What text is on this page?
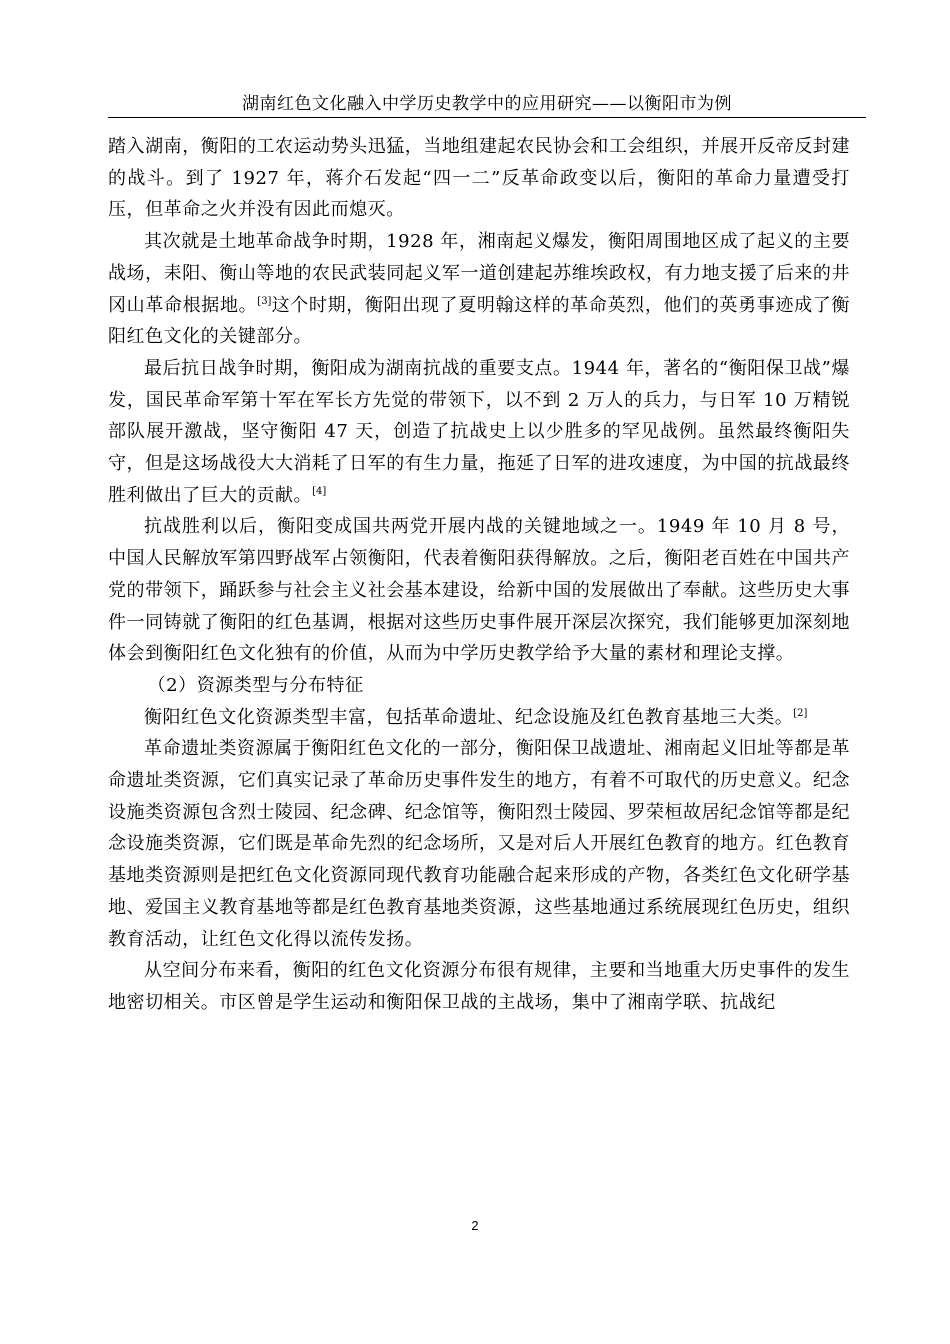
湖南红色文化融入中学历史教学中的应用研究——以衡阳市为例

踏入湖南，衡阳的工农运动势头迅猛，当地组建起农民协会和工会组织，并展开反帝反封建的战斗。到了 1927 年，蒋介石发起“四一二”反革命政变以后，衡阳的革命力量遭受打压，但革命之火并没有因此而熄灭。

其次就是土地革命战争时期，1928 年，湘南起义爆发，衡阳周围地区成了起义的主要战场，耒阳、衡山等地的农民武装同起义军一道创建起苏维埃政权，有力地支援了后来的井冈山革命根据地。[3]这个时期，衡阳出现了夏明翰这样的革命英烈，他们的英勇事迹成了衡阳红色文化的关键部分。

最后抗日战争时期，衡阳成为湖南抗战的重要支点。1944 年，著名的“衡阳保卫战”爆发，国民革命军第十军在军长方先觉的带领下，以不到 2 万人的兵力，与日军 10 万精锐部队展开激战，坚守衡阳 47 天，创造了抗战史上以少胜多的罕见战例。虽然最终衡阳失守，但是这场战役大大消耗了日军的有生力量，拖延了日军的进攻速度，为中国的抗战最终胜利做出了巨大的贡献。[4]

抗战胜利以后，衡阳变成国共两党开展内战的关键地域之一。1949 年 10 月 8 号，中国人民解放军第四野战军占领衡阳，代表着衡阳获得解放。之后，衡阳老百姓在中国共产党的带领下，踊跃参与社会主义社会基本建设，给新中国的发展做出了奉献。这些历史大事件一同铸就了衡阳的红色基调，根据对这些历史事件展开深层次探究，我们能够更加深刻地体会到衡阳红色文化独有的价值，从而为中学历史教学给予大量的素材和理论支撑。

（2）资源类型与分布特征

衡阳红色文化资源类型丰富，包括革命遗址、纪念设施及红色教育基地三大类。[2]

革命遗址类资源属于衡阳红色文化的一部分，衡阳保卫战遗址、湘南起义旧址等都是革命遗址类资源，它们真实记录了革命历史事件发生的地方，有着不可取代的历史意义。纪念设施类资源包含烈士陵园、纪念碑、纪念馆等，衡阳烈士陵园、罗荣桓故居纪念馆等都是纪念设施类资源，它们既是革命先烈的纪念场所，又是对后人开展红色教育的地方。红色教育基地类资源则是把红色文化资源同现代教育功能融合起来形成的产物，各类红色文化研学基地、爱国主义教育基地等都是红色教育基地类资源，这些基地通过系统展现红色历史，组织教育活动，让红色文化得以流传发扬。

从空间分布来看，衡阳的红色文化资源分布很有规律，主要和当地重大历史事件的发生地密切相关。市区曾是学生运动和衡阳保卫战的主战场，集中了湘南学联、抗战纪

2
